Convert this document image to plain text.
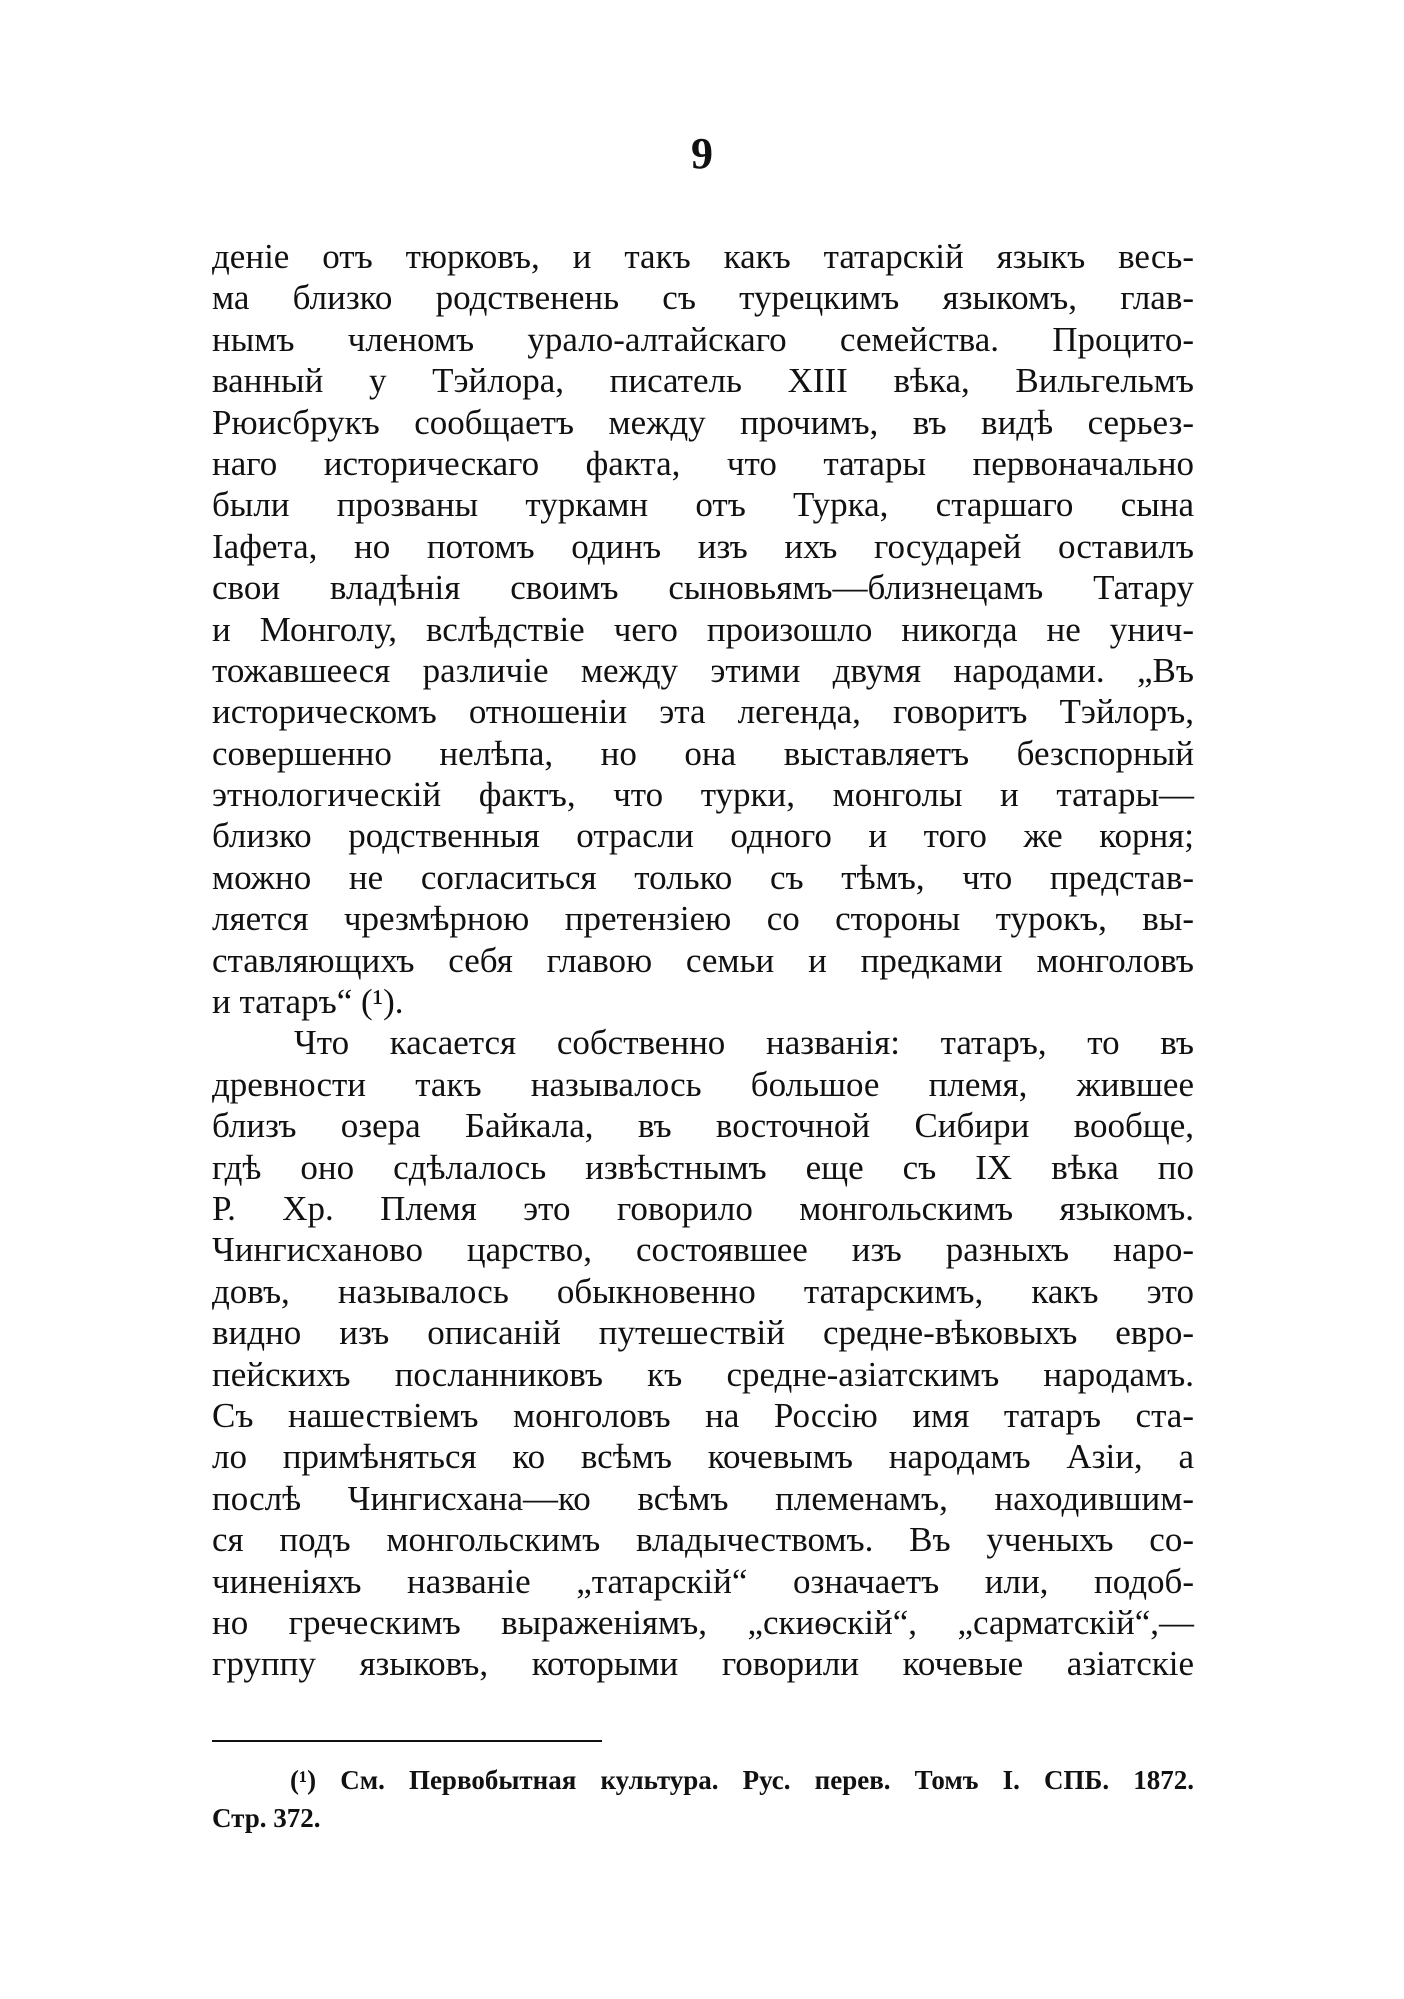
9
деніе отъ тюрковъ, и такъ какъ татарскій языкъ весь-
ма близко родственень съ турецкимъ языкомъ, глав-
нымъ членомъ урало-алтайскаго семейства. Процито-
ванный у Тэйлора, писатель XIII вѣка, Вильгельмъ
Рюисбрукъ сообщаетъ между прочимъ, въ видѣ серьез-
наго историческаго факта, что татары первоначально
были прозваны туркамн отъ Турка, старшаго сына
Іафета, но потомъ одинъ изъ ихъ государей оставилъ
свои владѣнія своимъ сыновьямъ—близнецамъ Татару
и Монголу, вслѣдствіе чего произошло никогда не унич-
тожавшееся различіе между этими двумя народами. „Въ
историческомъ отношеніи эта легенда, говоритъ Тэйлоръ,
совершенно нелѣпа, но она выставляетъ безспорный
этнологическій фактъ, что турки, монголы и татары—
близко родственныя отрасли одного и того же корня;
можно не согласиться только съ тѣмъ, что представ-
ляется чрезмѣрною претензіею со стороны турокъ, вы-
ставляющихъ себя главою семьи и предками монголовъ
и татаръ“ (¹).
Что касается собственно названія: татаръ, то въ
древности такъ называлось большое племя, жившее
близъ озера Байкала, въ восточной Сибири вообще,
гдѣ оно сдѣлалось извѣстнымъ еще съ IX вѣка по
Р. Хр. Племя это говорило монгольскимъ языкомъ.
Чингисханово царство, состоявшее изъ разныхъ наро-
довъ, называлось обыкновенно татарскимъ, какъ это
видно изъ описаній путешествій средне-вѣковыхъ евро-
пейскихъ посланниковъ къ средне-азіатскимъ народамъ.
Съ нашествіемъ монголовъ на Россію имя татаръ ста-
ло примѣняться ко всѣмъ кочевымъ народамъ Азіи, а
послѣ Чингисхана—ко всѣмъ племенамъ, находившим-
ся подъ монгольскимъ владычествомъ. Въ ученыхъ со-
чиненіяхъ названіе „татарскій“ означаетъ или, подоб-
но греческимъ выраженіямъ, „скиѳскій“, „сарматскій“,—
группу языковъ, которыми говорили кочевые азіатскіе
(¹) См. Первобытная культура. Рус. перев. Томъ I. СПБ. 1872.
Стр. 372.
